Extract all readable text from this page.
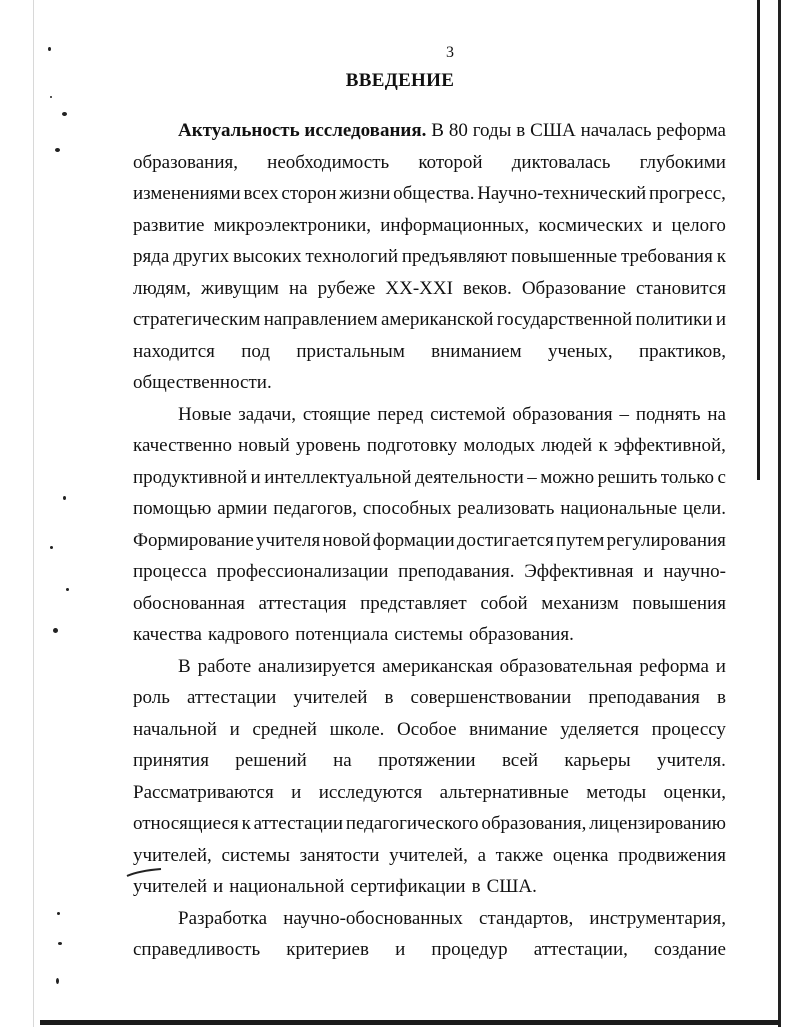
3
ВВЕДЕНИЕ
Актуальность исследования. В 80 годы в США началась реформа
образования, необходимость которой диктовалась глубокими
изменениями всех сторон жизни общества. Научно-технический прогресс,
развитие микроэлектроники, информационных, космических и целого
ряда других высоких технологий предъявляют повышенные требования к
людям, живущим на рубеже XX-XXI веков. Образование становится
стратегическим направлением американской государственной политики и
находится под пристальным вниманием ученых, практиков,
общественности.
Новые задачи, стоящие перед системой образования – поднять на
качественно новый уровень подготовку молодых людей к эффективной,
продуктивной и интеллектуальной деятельности – можно решить только с
помощью армии педагогов, способных реализовать национальные цели.
Формирование учителя новой формации достигается путем регулирования
процесса профессионализации преподавания. Эффективная и научно-
обоснованная аттестация представляет собой механизм повышения
качества кадрового потенциала системы образования.
В работе анализируется американская образовательная реформа и
роль аттестации учителей в совершенствовании преподавания в
начальной и средней школе. Особое внимание уделяется процессу
принятия решений на протяжении всей карьеры учителя.
Рассматриваются и исследуются альтернативные методы оценки,
относящиеся к аттестации педагогического образования, лицензированию
учителей, системы занятости учителей, а также оценка продвижения
учителей и национальной сертификации в США.
Разработка научно-обоснованных стандартов, инструментария,
справедливость критериев и процедур аттестации, создание
